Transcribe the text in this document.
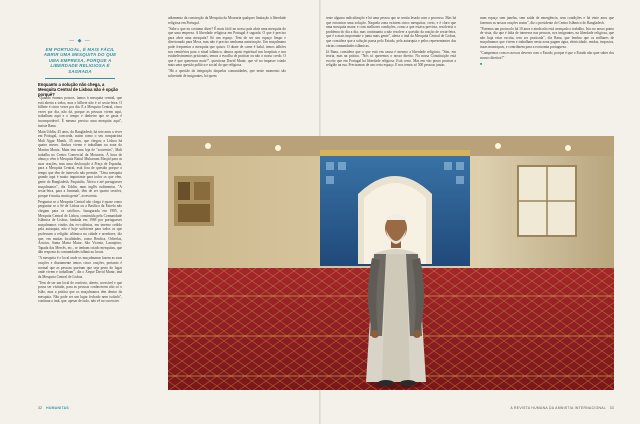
— ◆ —
EM PORTUGAL, É MAIS FÁCIL ABRIR UMA MESQUITA DO QUE UMA EMPRESA, PORQUE A LIBERDADE RELIGIOSA É SAGRADA
Enquanto a solução não chega, a Mesquita Central de Lisboa não é opção porquê?

"Quando éramos poucos, íamos à mesquita central, que está aberta a todos, mas o bilhete não é só sexta-feira. O bilhete é cinco vezes por dia. E a Mesquita Central, cinco vezes por dia, não dá, porque as pessoas vivem aqui, trabalham aqui e o tempo e dinheiro que se gasta é incomportável. É mesmo preciso uma mesquita aqui", insiste Rana.

Main Uddin, 45 anos, do Bangladesh, há sete anos a viver em Portugal, concorda, assim como o seu compatriota Mali Ajgar Manik, 35 anos, que chegou a Lisboa há quatro meses. Ambos vivem e trabalham na zona do Martim Moniz. Main tem uma loja de "souvenirs", Mali trabalha no Centro Comercial da Mouraria. À hora de almoço vêm à Mesquita Baitul Mukarram Masjid para as suas orações, mas uma deslocação à Praça de Espanha, para a Mesquita Central, está fora de questão porque o tempo que têm de intervalo não permite. "Uma mesquita grande aqui é muito importante para todos os que vêm, gente do Bangladesh, Paquistão, África e até portugueses muçulmanos", diz Uddin, num inglês rudimentar. "A sexta-feira, para a Jummah, têm de ser quatro sessões, porque é muita, muita gente", acrescenta.

Perguntar se a Mesquita Central não chega é quase como perguntar se a Sé de Lisboa ou a Basílica da Estrela não chegam para os católicos. Inaugurada em 1985, a Mesquita Central de Lisboa, construída pela Comunidade Islâmica de Lisboa, fundada em 1968 por portugueses muçulmanos vindos das ex-colónias, em terreno cedido pela autarquia, não é hoje suficiente para todos os que professam a religião islâmica na cidade e arredores, diz que, em muitas localidades, como Benfica, Odivelas, Arroios, Santa Marta Maior, São Vicente, Laranjeiro, Tapada das Mercês, etc., se tenham criado mesquitas, que dão resposta às comunidades islâmicas locais.

"A mesquita é o local onde os muçulmanos fazem as suas orações e diariamente temos cinco orações, portanto é normal que as pessoas queiram que seja perto do lugar onde vivem e trabalham", diz o Xeque David Munir, imã da Mesquita Central de Lisboa.

"Tem de ser um local de conforto, aberto, acessível e que possa ser visitado, para as pessoas conhecerem não só o Islão, mas a prática que os muçulmanos têm dentro da mesquita. Não pode ser um lugar fechado nem isolado", continua o imã, que, apesar de tudo, não vê no sucessivo

adiamento da construção da Mesquita da Mouraria qualquer limitação à liberdade religiosa em Portugal.

"Sabe o que eu costumo dizer? É mais fácil no nosso país abrir uma mesquita do que uma empresa. A liberdade religiosa em Portugal é sagrada. O que é preciso para abrir uma mesquita? Só um espaço. Tem de ser um espaço limpo e direcionado para Meca, mas não é preciso nenhuma autorização. Um muçulmano pode frequentar a mesquita que quiser. O abate de carne é halal, temos talhões nos cemitérios para o ritual islâmico, damos apoio espiritual nos hospitais e nos estabelecimentos prisionais, temos a escolha de praticar ou não o nosso credo. O que é que queremos mais?", questiona David Munir, que vê no impasse criado mais uma questão política e social do que religiosa.

"Há a questão da integração daquelas comunidades, que neste momento são sobretudo de imigrantes, há quem

tente alguma radicalização e há uma pessoa que se sentiu lesada com o processo. Mas há que encontrar uma solução. Naquela zona existem cinco mesquitas, creio, e é claro que uma mesquita maior e com melhores condições, como a que estava prevista, resolveria o problema do dia a dia, mas continuaria a não resolver a questão da oração de sexta-feira, que é a mais importante e junta mais gente", alerta o imã da Mesquita Central de Lisboa, que considera que a solução passa pelo Estado, pela autarquia e pelos representantes das várias comunidades islâmicas.

Já Rana, considera que o que está em causa é mesmo a liberdade religiosa. "Sim, em teoria, mas na prática. "Nós só queremos o nosso direito. Na nossa Constituição está escrito que em Portugal há liberdade religiosa. Está certo. Mas em vão posso praticar a religião na rua. Precisamos de um certo espaço. E nos temos só 500 pessoas juntas

num espaço sem janelas, sem saída de emergência, sem condições e há vinte anos que fazemos as nossas orações assim", diz o presidente do Centro Islâmico do Bangladesh.

"Fizemos um protocolo há 10 anos e ainda não está avançado o trabalho. Isto no nosso ponto de vista, diz que é falta de interesse nas pessoas, nos imigrantes, na liberdade religiosa, que não haja estar escrita, tem ser praticada", diz Rana, que lembra que os milhares de muçulmanos que vivem e trabalham nesta zona pagam água, eletricidade, rendas, impostos, taxas municipais, e contribuem para a economia portuguesa.

"Cumprimos com os nossos deveres com o Estado, porque é que o Estado não quer saber dos nossos direitos?"

■
32 HUMANITAS	A REVISTA HUMANA DA AMNISTIA INTERNACIONAL 33
